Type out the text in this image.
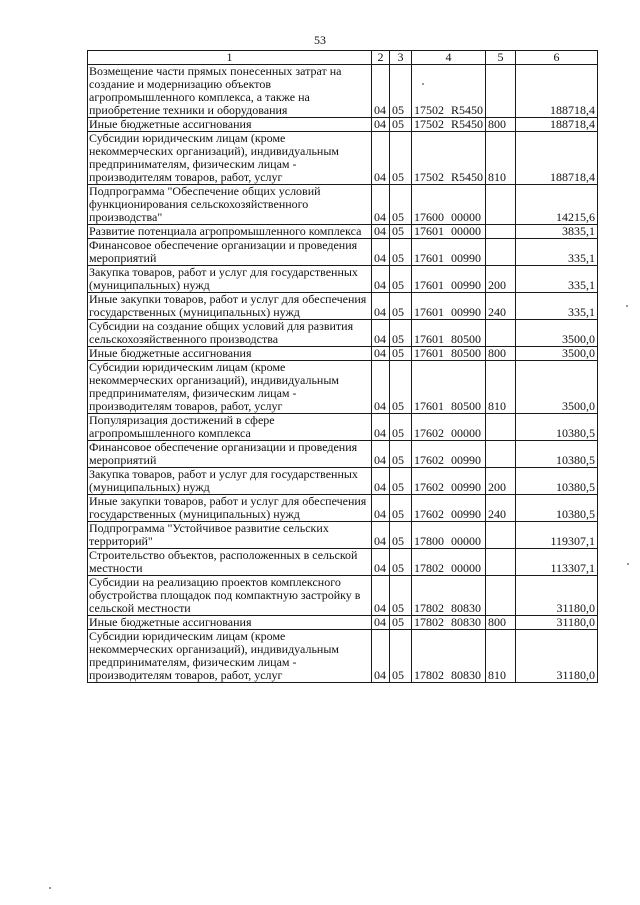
53
1	2	3	4	5	6
Возмещение части прямых понесенных затрат на создание и модернизацию объектов агропромышленного комплекса, а также на приобретение техники и оборудования	04	05	17502 R5450		188718,4
Иные бюджетные ассигнования	04	05	17502 R5450	800	188718,4
Субсидии юридическим лицам (кроме некоммерческих организаций), индивидуальным предпринимателям, физическим лицам - производителям товаров, работ, услуг	04	05	17502 R5450	810	188718,4
Подпрограмма "Обеспечение общих условий функционирования сельскохозяйственного производства"	04	05	17600 00000		14215,6
Развитие потенциала агропромышленного комплекса	04	05	17601 00000		3835,1
Финансовое обеспечение организации и проведения мероприятий	04	05	17601 00990		335,1
Закупка товаров, работ и услуг для государственных (муниципальных) нужд	04	05	17601 00990	200	335,1
Иные закупки товаров, работ и услуг для обеспечения государственных (муниципальных) нужд	04	05	17601 00990	240	335,1
Субсидии на создание общих условий для развития сельскохозяйственного производства	04	05	17601 80500		3500,0
Иные бюджетные ассигнования	04	05	17601 80500	800	3500,0
Субсидии юридическим лицам (кроме некоммерческих организаций), индивидуальным предпринимателям, физическим лицам - производителям товаров, работ, услуг	04	05	17601 80500	810	3500,0
Популяризация достижений в сфере агропромышленного комплекса	04	05	17602 00000		10380,5
Финансовое обеспечение организации и проведения мероприятий	04	05	17602 00990		10380,5
Закупка товаров, работ и услуг для государственных (муниципальных) нужд	04	05	17602 00990	200	10380,5
Иные закупки товаров, работ и услуг для обеспечения государственных (муниципальных) нужд	04	05	17602 00990	240	10380,5
Подпрограмма "Устойчивое развитие сельских территорий"	04	05	17800 00000		119307,1
Строительство объектов, расположенных в сельской местности	04	05	17802 00000		113307,1
Субсидии на реализацию проектов комплексного обустройства площадок под компактную застройку в сельской местности	04	05	17802 80830		31180,0
Иные бюджетные ассигнования	04	05	17802 80830	800	31180,0
Субсидии юридическим лицам (кроме некоммерческих организаций), индивидуальным предпринимателям, физическим лицам - производителям товаров, работ, услуг	04	05	17802 80830	810	31180,0
